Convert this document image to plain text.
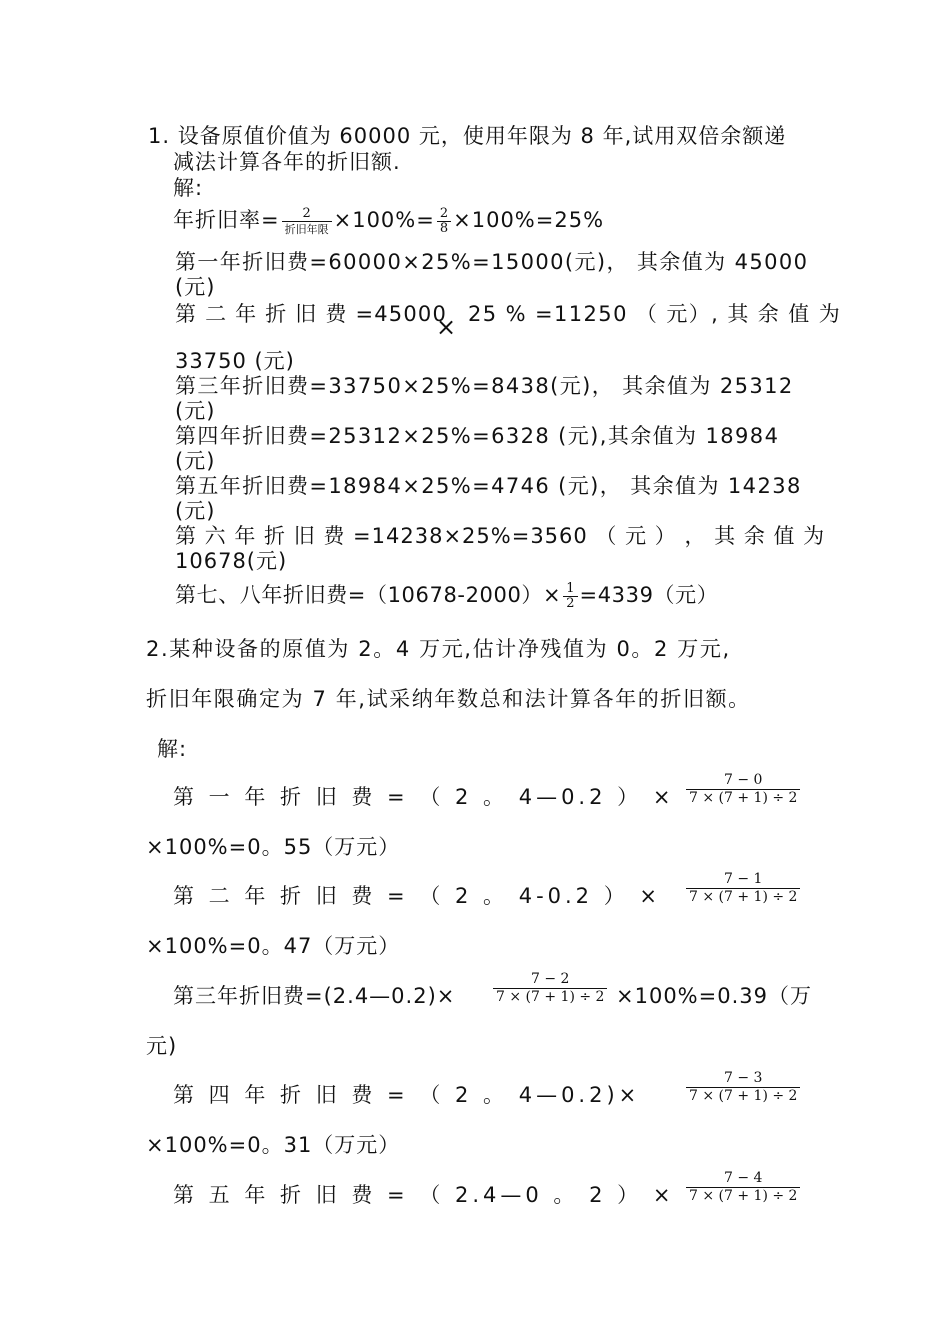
1. 设备原值价值为 60000 元，使用年限为 8 年,试用双倍余额递
减法计算各年的折旧额.
解:
年折旧率= $\frac{2}{\text{折旧年限}} \times 100\%= \frac{2}{8} \times 100\%=25\%$
第一年折旧费=60000×25%=15000(元)， 其余值为 45000
(元)
第 二 年 折 旧 费 =45000
× 25 % =11250 （ 元）, 其 余 值 为
33750 (元)
第三年折旧费=33750×25%=8438(元)， 其余值为 25312
(元)
第四年折旧费=25312×25%=6328 (元),其余值为 18984
(元)
第五年折旧费=18984×25%=4746 (元)， 其余值为 14238
(元)
第 六 年 折 旧 费 =14238×25%=3560 （ 元 ） ， 其 余 值 为
10678(元)
第七、八年折旧费$=(10678-2000)\times \frac{1}{2} =4339$（元）
2.某种设备的原值为 2。4 万元,估计净残值为 0。2 万元,
折旧年限确定为 7 年,试采纳年数总和法计算各年的折旧额。
解:
第 一 年 折 旧 费 = （ 2 。 4—0.2 ） × $\frac{7 - 0}{7 \times (7 + 1) \div 2}$
×100%=0。55（万元）
第 二 年 折 旧 费 = （ 2 。 4-0.2 ） × $\frac{7 - 1}{7 \times (7 + 1) \div 2}$
×100%=0。47（万元）
第三年折旧费=(2.4—0.2)×	$\frac{7 - 2}{7 \times (7 + 1) \div 2} \times 100\%=0.39$（万
元)
第 四 年 折 旧 费 = （ 2 。 4—0.2)×	$\frac{7 - 3}{7 \times (7 + 1) \div 2}$
×100%=0。31（万元）
第 五 年 折 旧 费 = （ 2.4—0 。 2 ） × $\frac{7 - 4}{7 \times (7 + 1) \div 2}$
